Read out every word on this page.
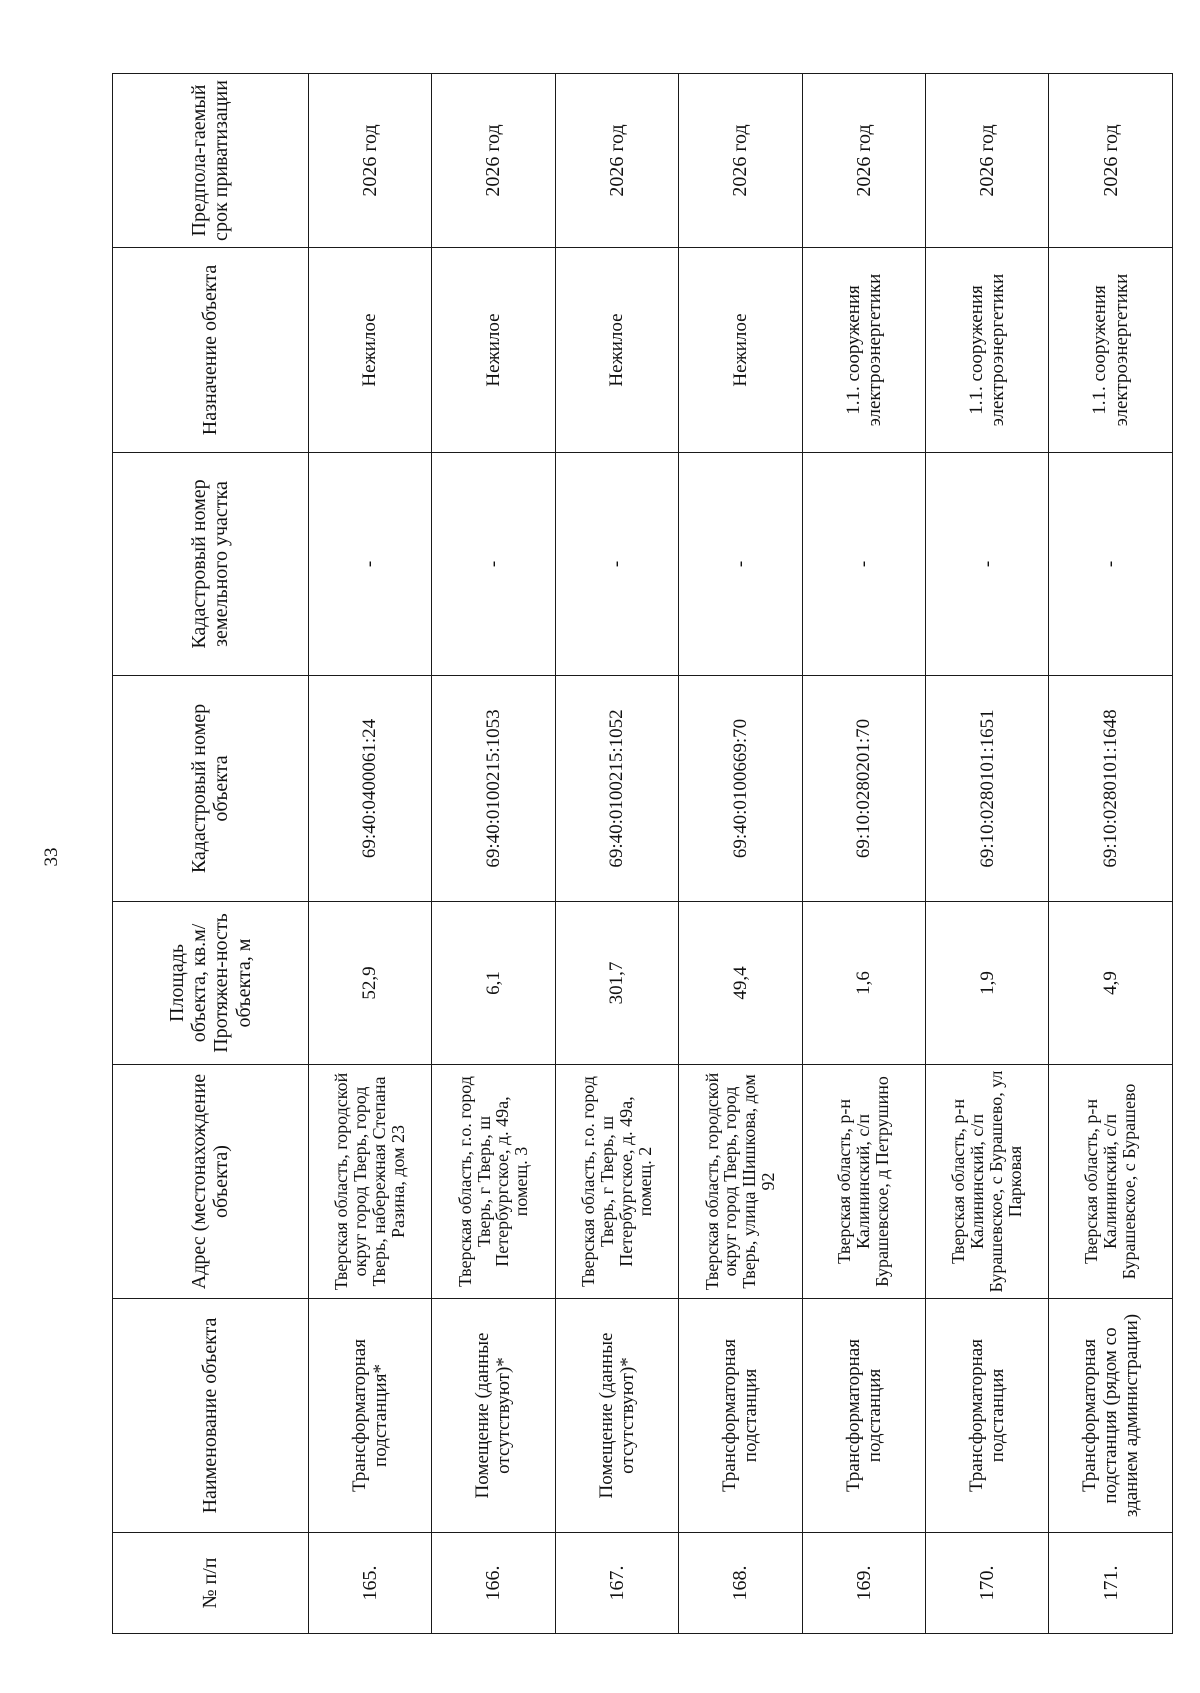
33
№ п/п	Наименование объекта	Адрес (местонахождение объекта)	Площадь объекта, кв.м/ Протяжен-ность объекта, м	Кадастровый номер объекта	Кадастровый номер земельного участка	Назначение объекта	Предпола-гаемый срок приватизации
165.	Трансформаторная подстанция*	Тверская область, городской округ город Тверь, город Тверь, набережная Степана Разина, дом 23	52,9	69:40:0400061:24	-	Нежилое	2026 год
166.	Помещение (данные отсутствуют)*	Тверская область, г.о. город Тверь, г Тверь, ш Петербургское, д. 49а, помещ. 3	6,1	69:40:0100215:1053	-	Нежилое	2026 год
167.	Помещение (данные отсутствуют)*	Тверская область, г.о. город Тверь, г Тверь, ш Петербургское, д. 49а, помещ. 2	301,7	69:40:0100215:1052	-	Нежилое	2026 год
168.	Трансформаторная подстанция	Тверская область, городской округ город Тверь, город Тверь, улица Шишкова, дом 92	49,4	69:40:0100669:70	-	Нежилое	2026 год
169.	Трансформаторная подстанция	Тверская область, р-н Калининский, с/п Бурашевское, д Петрушино	1,6	69:10:0280201:70	-	1.1. сооружения электроэнергетики	2026 год
170.	Трансформаторная подстанция	Тверская область, р-н Калининский, с/п Бурашевское, с Бурашево, ул Парковая	1,9	69:10:0280101:1651	-	1.1. сооружения электроэнергетики	2026 год
171.	Трансформаторная подстанция (рядом со зданием администрации)	Тверская область, р-н Калининский, с/п Бурашевское, с Бурашево	4,9	69:10:0280101:1648	-	1.1. сооружения электроэнергетики	2026 год
